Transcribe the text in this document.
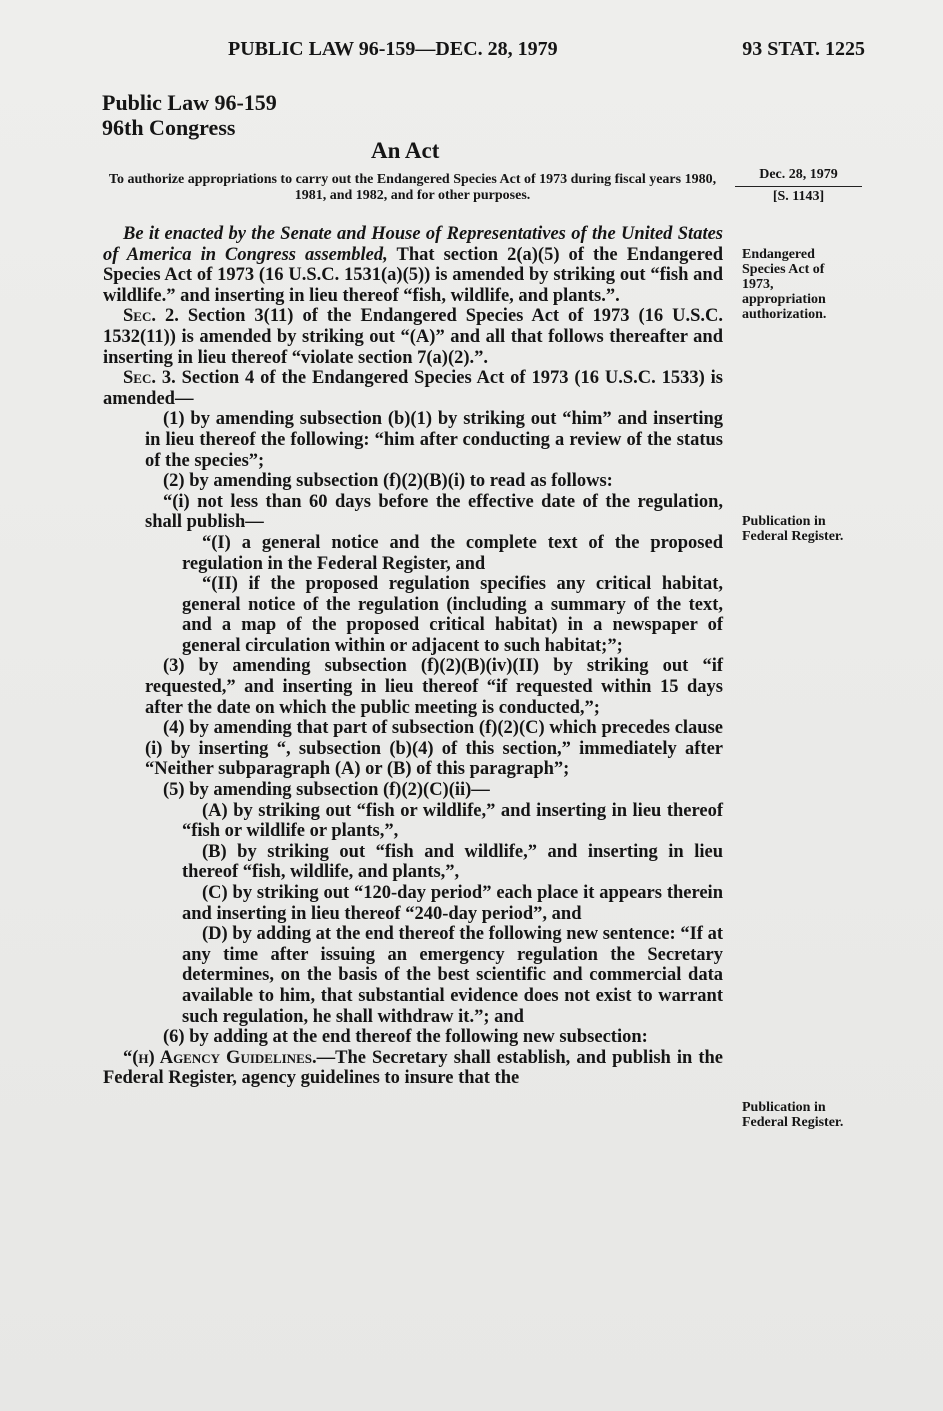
PUBLIC LAW 96-159—DEC. 28, 1979	93 STAT. 1225
Public Law 96-159
96th Congress
An Act
To authorize appropriations to carry out the Endangered Species Act of 1973 during fiscal years 1980, 1981, and 1982, and for other purposes.
Dec. 28, 1979
[S. 1143]
Endangered Species Act of 1973, appropriation authorization.
Publication in Federal Register.
Publication in Federal Register.

Be it enacted by the Senate and House of Representatives of the United States of America in Congress assembled, That section 2(a)(5) of the Endangered Species Act of 1973 (16 U.S.C. 1531(a)(5)) is amended by striking out “fish and wildlife.” and inserting in lieu thereof “fish, wildlife, and plants.”.

Sec. 2. Section 3(11) of the Endangered Species Act of 1973 (16 U.S.C. 1532(11)) is amended by striking out “(A)” and all that follows thereafter and inserting in lieu thereof “violate section 7(a)(2).”.

Sec. 3. Section 4 of the Endangered Species Act of 1973 (16 U.S.C. 1533) is amended—

(1) by amending subsection (b)(1) by striking out “him” and inserting in lieu thereof the following: “him after conducting a review of the status of the species”;

(2) by amending subsection (f)(2)(B)(i) to read as follows:

“(i) not less than 60 days before the effective date of the regulation, shall publish—

“(I) a general notice and the complete text of the proposed regulation in the Federal Register, and

“(II) if the proposed regulation specifies any critical habitat, general notice of the regulation (including a summary of the text, and a map of the proposed critical habitat) in a newspaper of general circulation within or adjacent to such habitat;”;

(3) by amending subsection (f)(2)(B)(iv)(II) by striking out “if requested,” and inserting in lieu thereof “if requested within 15 days after the date on which the public meeting is conducted,”;

(4) by amending that part of subsection (f)(2)(C) which precedes clause (i) by inserting “, subsection (b)(4) of this section,” immediately after “Neither subparagraph (A) or (B) of this paragraph”;

(5) by amending subsection (f)(2)(C)(ii)—

(A) by striking out “fish or wildlife,” and inserting in lieu thereof “fish or wildlife or plants,”,

(B) by striking out “fish and wildlife,” and inserting in lieu thereof “fish, wildlife, and plants,”,

(C) by striking out “120-day period” each place it appears therein and inserting in lieu thereof “240-day period”, and

(D) by adding at the end thereof the following new sentence: “If at any time after issuing an emergency regulation the Secretary determines, on the basis of the best scientific and commercial data available to him, that substantial evidence does not exist to warrant such regulation, he shall withdraw it.”; and

(6) by adding at the end thereof the following new subsection:

“(h) Agency Guidelines.—The Secretary shall establish, and publish in the Federal Register, agency guidelines to insure that the
